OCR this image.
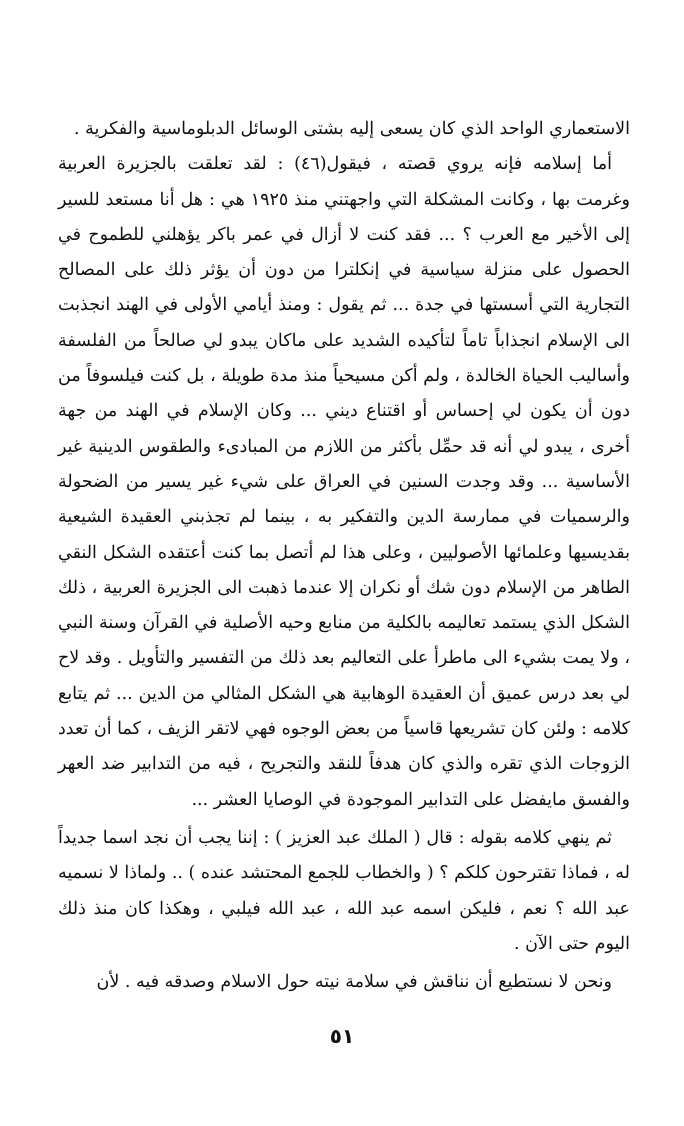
الاستعماري الواحد الذي كان يسعى إليه بشتى الوسائل الدبلوماسية والفكرية .

أما إسلامه فإنه يروي قصته ، فيقول(٤٦) : لقد تعلقت بالجزيرة العربية وغرمت بها ، وكانت المشكلة التي واجهتني منذ ١٩٢٥ هي : هل أنا مستعد للسير إلى الأخير مع العرب ؟ ... فقد كنت لا أزال في عمر باكر يؤهلني للطموح في الحصول على منزلة سياسية في إنكلترا من دون أن يؤثر ذلك على المصالح التجارية التي أسستها في جدة ... ثم يقول : ومنذ أيامي الأولى في الهند انجذبت الى الإسلام انجذاباً تاماً لتأكيده الشديد على ماكان يبدو لي صالحاً من الفلسفة وأساليب الحياة الخالدة ، ولم أكن مسيحياً منذ مدة طويلة ، بل كنت فيلسوفاً من دون أن يكون لي إحساس أو اقتناع ديني ... وكان الإسلام في الهند من جهة أخرى ، يبدو لي أنه قد حمِّل بأكثر من اللازم من المبادىء والطقوس الدينية غير الأساسية ... وقد وجدت السنين في العراق على شيء غير يسير من الضحولة والرسميات في ممارسة الدين والتفكير به ، بينما لم تجذبني العقيدة الشيعية بقديسيها وعلمائها الأصوليين ، وعلى هذا لم أتصل بما كنت أعتقده الشكل النقي الطاهر من الإسلام دون شك أو نكران إلا عندما ذهبت الى الجزيرة العربية ، ذلك الشكل الذي يستمد تعاليمه بالكلية من منابع وحيه الأصلية في القرآن وسنة النبي ، ولا يمت بشيء الى ماطرأ على التعاليم بعد ذلك من التفسير والتأويل . وقد لاح لي بعد درس عميق أن العقيدة الوهابية هي الشكل المثالي من الدين ... ثم يتابع كلامه : ولئن كان تشريعها قاسياً من بعض الوجوه فهي لاتقر الزيف ، كما أن تعدد الزوجات الذي تقره والذي كان هدفاً للنقد والتجريح ، فيه من التدابير ضد العهر والفسق مايفضل على التدابير الموجودة في الوصايا العشر ...

ثم ينهي كلامه بقوله : قال ( الملك عبد العزيز ) : إننا يجب أن نجد اسما جديداً له ، فماذا تقترحون كلكم ؟ ( والخطاب للجمع المحتشد عنده ) .. ولماذا لا نسميه عبد الله ؟ نعم ، فليكن اسمه عبد الله ، عبد الله فيلبي ، وهكذا كان منذ ذلك اليوم حتى الآن .

ونحن لا نستطيع أن نناقش في سلامة نيته حول الاسلام وصدقه فيه . لأن

٥١
